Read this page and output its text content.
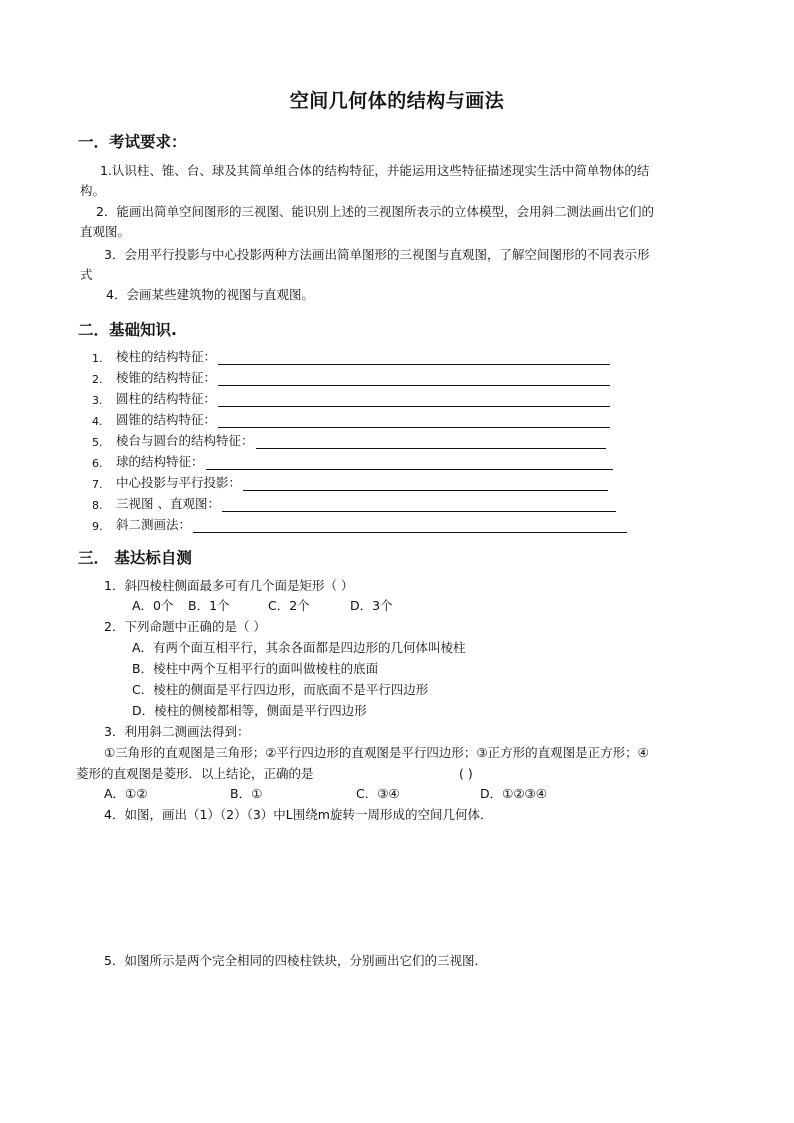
空间几何体的结构与画法
一．考试要求：
1.认识柱、锥、台、球及其简单组合体的结构特征，并能运用这些特征描述现实生活中简单物体的结
构。
2．能画出简单空间图形的三视图、能识别上述的三视图所表示的立体模型，会用斜二测法画出它们的
直观图。
3．会用平行投影与中心投影两种方法画出简单图形的三视图与直观图，了解空间图形的不同表示形
式
4．会画某些建筑物的视图与直观图。
二．基础知识.
1.	棱柱的结构特征：
2.	棱锥的结构特征：
3.	圆柱的结构特征：
4.	圆锥的结构特征：
5.	棱台与圆台的结构特征：
6.	球的结构特征：
7.	中心投影与平行投影：
8.	三视图 、直观图：
9.	斜二测画法：
三． 基达标自测
1．斜四棱柱侧面最多可有几个面是矩形（ ）
A．0个 B．1个	C．2个	D．3个
2．下列命题中正确的是（ ）
A．有两个面互相平行，其余各面都是四边形的几何体叫棱柱
B．棱柱中两个互相平行的面叫做棱柱的底面
C．棱柱的侧面是平行四边形，而底面不是平行四边形
D．棱柱的侧棱都相等，侧面是平行四边形
3．利用斜二测画法得到：
①三角形的直观图是三角形；②平行四边形的直观图是平行四边形；③正方形的直观图是正方形；④
菱形的直观图是菱形．以上结论，正确的是	( )
A．①②	B．①	C．③④	D．①②③④
4．如图，画出（1）（2）（3）中L围绕m旋转一周形成的空间几何体．
5．如图所示是两个完全相同的四棱柱铁块，分别画出它们的三视图．
